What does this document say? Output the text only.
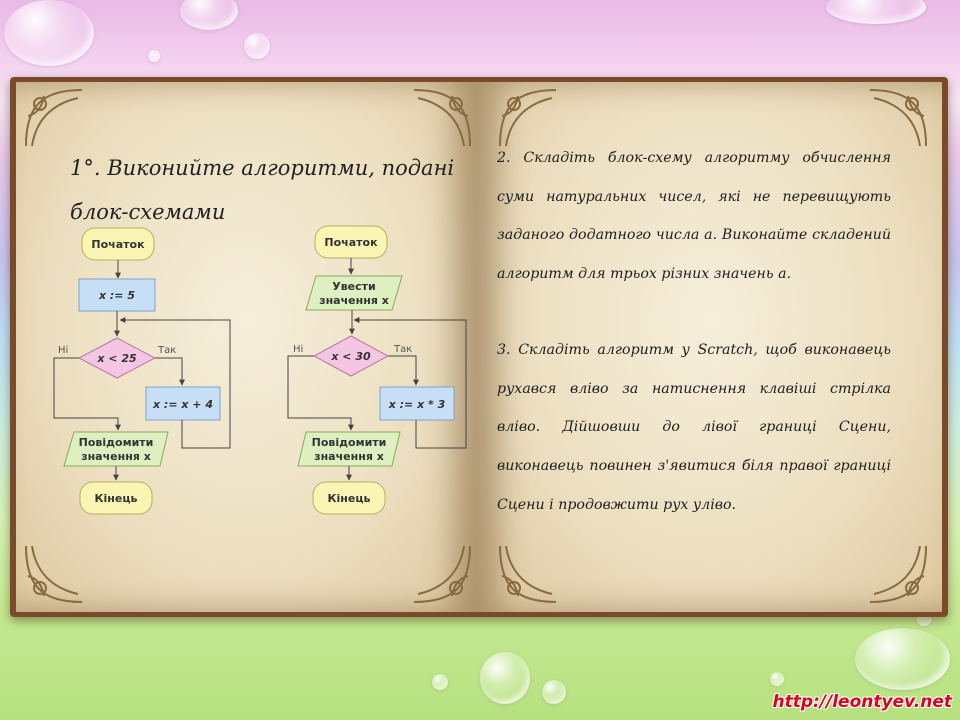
1°. Виконийте алгоритми, подані блок-схемами

Початок
x := 5
x < 25
Ні	Так
x := x + 4
Повідомити
значення x
Кінець
Початок
Увести
значення x
x < 30
Ні	Так
x := x * 3
Повідомити
значення x
Кінець

2. Складіть блок-схему алгоритму обчислення суми натуральних чисел, які не перевищують заданого додатного числа a. Виконайте складений алгоритм для трьох різних значень a.

3. Складіть алгоритм у Scratch, щоб виконавець рухався вліво за натиснення клавіші стрілка вліво. Дійшовши до лівої границі Сцени, виконавець повинен з'явитися біля правої границі Сцени і продовжити рух уліво.

http://leontyev.net
